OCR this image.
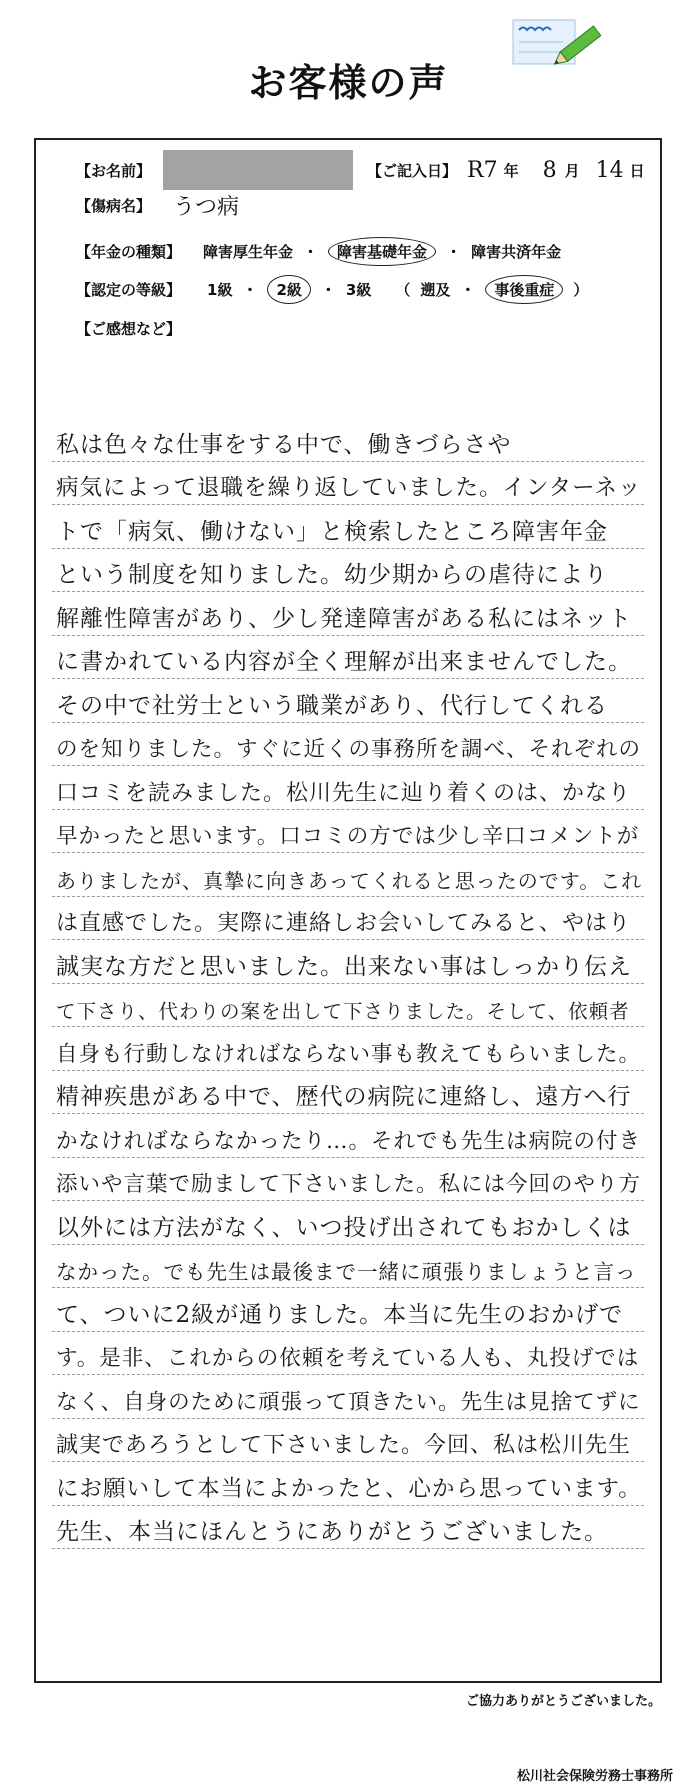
お客様の声
【お名前】	【ご記入日】 R7 年 8 月 14 日
【傷病名】 うつ病
【年金の種類】 障害厚生年金 ・	障害基礎年金	・ 障害共済年金
【認定の等級】 1級 ・	2級	・ 3級 （ 遡及 ・	事後重症	）
【ご感想など】
私は色々な仕事をする中で、働きづらさや
病気によって退職を繰り返していました。インターネッ
トで「病気、働けない」と検索したところ障害年金
という制度を知りました。幼少期からの虐待により
解離性障害があり、少し発達障害がある私にはネット
に書かれている内容が全く理解が出来ませんでした。
その中で社労士という職業があり、代行してくれる
のを知りました。すぐに近くの事務所を調べ、それぞれの
口コミを読みました。松川先生に辿り着くのは、かなり
早かったと思います。口コミの方では少し辛口コメントが
ありましたが、真摯に向きあってくれると思ったのです。これ
は直感でした。実際に連絡しお会いしてみると、やはり
誠実な方だと思いました。出来ない事はしっかり伝え
て下さり、代わりの案を出して下さりました。そして、依頼者
自身も行動しなければならない事も教えてもらいました。
精神疾患がある中で、歴代の病院に連絡し、遠方へ行
かなければならなかったり…。それでも先生は病院の付き
添いや言葉で励まして下さいました。私には今回のやり方
以外には方法がなく、いつ投げ出されてもおかしくは
なかった。でも先生は最後まで一緒に頑張りましょうと言っ
て、ついに2級が通りました。本当に先生のおかげで
す。是非、これからの依頼を考えている人も、丸投げでは
なく、自身のために頑張って頂きたい。先生は見捨てずに
誠実であろうとして下さいました。今回、私は松川先生
にお願いして本当によかったと、心から思っています。
先生、本当にほんとうにありがとうございました。
ご協力ありがとうございました。
松川社会保険労務士事務所
